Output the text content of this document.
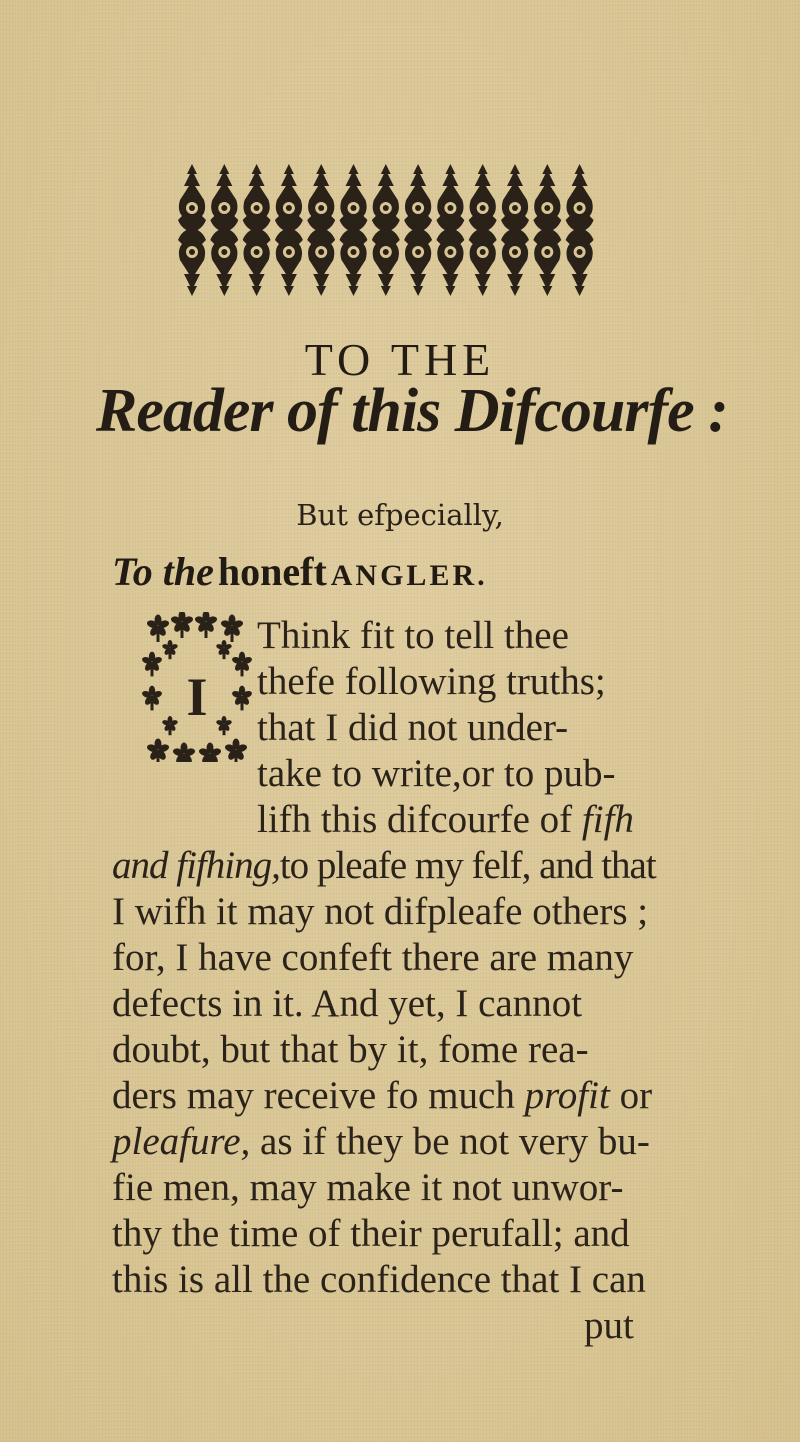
TO THE
Reader of this Difcourfe :
But efpecially,
To the honeft ANGLER.
I
Think fit to tell thee
thefe following truths;
that I did not under-
take to write,or to pub-
lifh this difcourfe of fifh
and fifhing,to pleafe my felf, and that
I wifh it may not difpleafe others ;
for, I have confeft there are many
defects in it. And yet, I cannot
doubt, but that by it, fome rea-
ders may receive fo much profit or
pleafure, as if they be not very bu-
fie men, may make it not unwor-
thy the time of their perufall; and
this is all the confidence that I can
put
